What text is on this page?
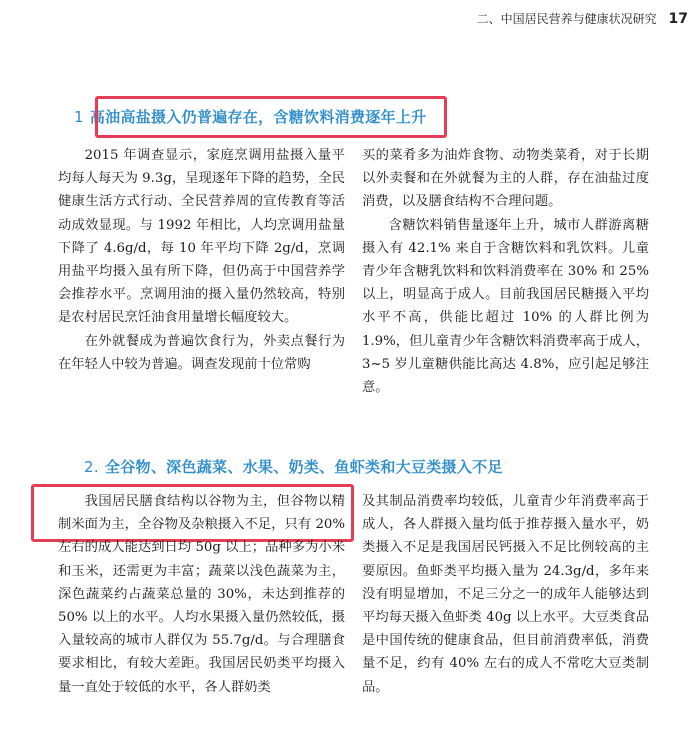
二、中国居民营养与健康状况研究 17
1 高油高盐摄入仍普遍存在，含糖饮料消费逐年上升

2015 年调查显示，家庭烹调用盐摄入量平均每人每天为 9.3g，呈现逐年下降的趋势，全民健康生活方式行动、全民营养周的宣传教育等活动成效显现。与 1992 年相比，人均烹调用盐量下降了 4.6g/d，每 10 年平均下降 2g/d，烹调用盐平均摄入虽有所下降，但仍高于中国营养学会推荐水平。烹调用油的摄入量仍然较高，特别是农村居民烹饪油食用量增长幅度较大。

在外就餐成为普遍饮食行为，外卖点餐行为在年轻人中较为普遍。调查发现前十位常购

买的菜肴多为油炸食物、动物类菜肴，对于长期以外卖餐和在外就餐为主的人群，存在油盐过度消费，以及膳食结构不合理问题。

含糖饮料销售量逐年上升，城市人群游离糖摄入有 42.1% 来自于含糖饮料和乳饮料。儿童青少年含糖乳饮料和饮料消费率在 30% 和 25% 以上，明显高于成人。目前我国居民糖摄入平均水平不高，供能比超过 10% 的人群比例为 1.9%，但儿童青少年含糖饮料消费率高于成人，3~5 岁儿童糖供能比高达 4.8%，应引起足够注意。

2. 全谷物、深色蔬菜、水果、奶类、鱼虾类和大豆类摄入不足

我国居民膳食结构以谷物为主，但谷物以精制米面为主，全谷物及杂粮摄入不足，只有 20% 左右的成人能达到日均 50g 以上；品种多为小米和玉米，还需更为丰富；蔬菜以浅色蔬菜为主，深色蔬菜约占蔬菜总量的 30%，未达到推荐的 50% 以上的水平。人均水果摄入量仍然较低，摄入量较高的城市人群仅为 55.7g/d。与合理膳食要求相比，有较大差距。我国居民奶类平均摄入量一直处于较低的水平，各人群奶类

及其制品消费率均较低，儿童青少年消费率高于成人，各人群摄入量均低于推荐摄入量水平，奶类摄入不足是我国居民钙摄入不足比例较高的主要原因。鱼虾类平均摄入量为 24.3g/d，多年来没有明显增加，不足三分之一的成年人能够达到平均每天摄入鱼虾类 40g 以上水平。大豆类食品是中国传统的健康食品，但目前消费率低，消费量不足，约有 40% 左右的成人不常吃大豆类制品。
